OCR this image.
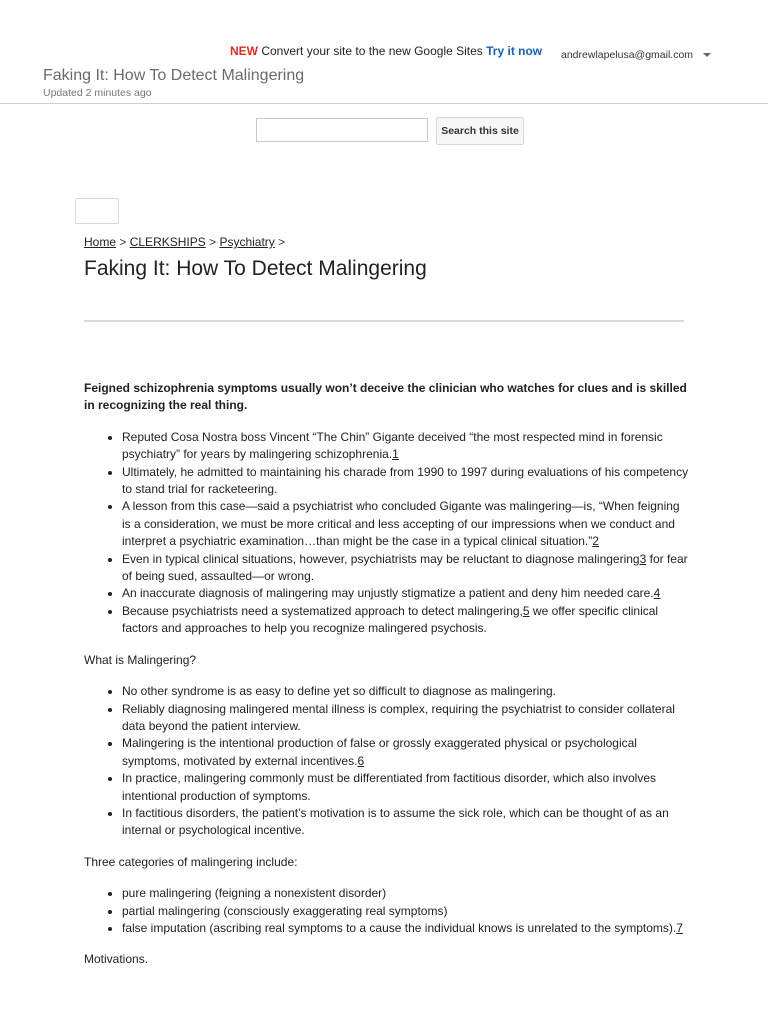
NEW Convert your site to the new Google Sites Try it now andrewlapelusa@gmail.com
Faking It: How To Detect Malingering
Updated 2 minutes ago
Search this site
Home > CLERKSHIPS > Psychiatry >
Faking It: How To Detect Malingering

Feigned schizophrenia symptoms usually won’t deceive the clinician who watches for clues and is skilled in recognizing the real thing.

• Reputed Cosa Nostra boss Vincent “The Chin” Gigante deceived “the most respected mind in forensic psychiatry” for years by malingering schizophrenia.1
• Ultimately, he admitted to maintaining his charade from 1990 to 1997 during evaluations of his competency to stand trial for racketeering.
• A lesson from this case—said a psychiatrist who concluded Gigante was malingering—is, “When feigning is a consideration, we must be more critical and less accepting of our impressions when we conduct and interpret a psychiatric examination…than might be the case in a typical clinical situation.”2
• Even in typical clinical situations, however, psychiatrists may be reluctant to diagnose malingering3 for fear of being sued, assaulted—or wrong.
• An inaccurate diagnosis of malingering may unjustly stigmatize a patient and deny him needed care.4
• Because psychiatrists need a systematized approach to detect malingering,5 we offer specific clinical factors and approaches to help you recognize malingered psychosis.

What is Malingering?

• No other syndrome is as easy to define yet so difficult to diagnose as malingering.
• Reliably diagnosing malingered mental illness is complex, requiring the psychiatrist to consider collateral data beyond the patient interview.
• Malingering is the intentional production of false or grossly exaggerated physical or psychological symptoms, motivated by external incentives.6
• In practice, malingering commonly must be differentiated from factitious disorder, which also involves intentional production of symptoms.
• In factitious disorders, the patient’s motivation is to assume the sick role, which can be thought of as an internal or psychological incentive.

Three categories of malingering include:

• pure malingering (feigning a nonexistent disorder)
• partial malingering (consciously exaggerating real symptoms)
• false imputation (ascribing real symptoms to a cause the individual knows is unrelated to the symptoms).7

Motivations.
